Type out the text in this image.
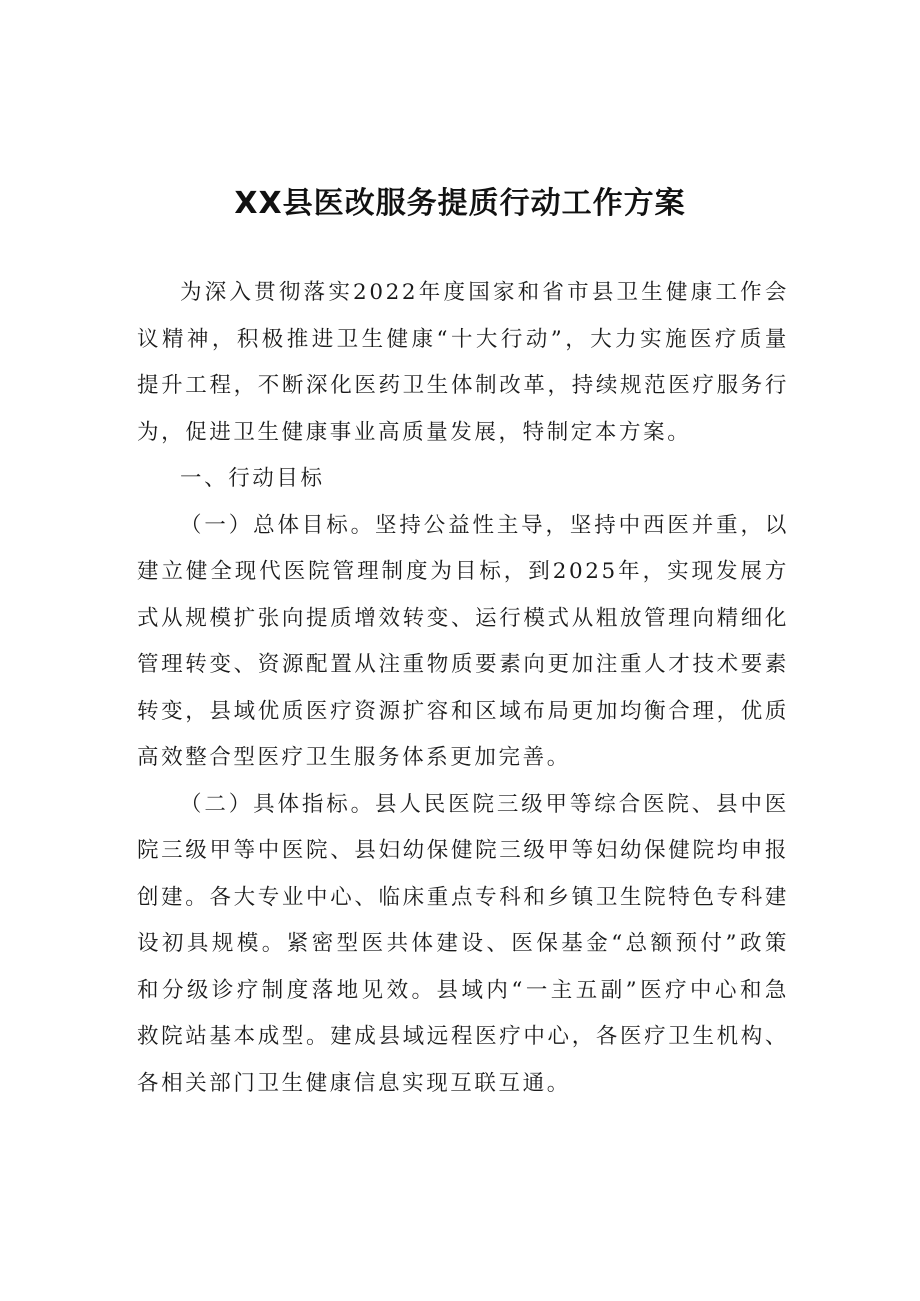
XX县医改服务提质行动工作方案

为深入贯彻落实2022年度国家和省市县卫生健康工作会议精神，积极推进卫生健康“十大行动”，大力实施医疗质量提升工程，不断深化医药卫生体制改革，持续规范医疗服务行为，促进卫生健康事业高质量发展，特制定本方案。

一、行动目标

（一）总体目标。坚持公益性主导，坚持中西医并重，以建立健全现代医院管理制度为目标，到2025年，实现发展方式从规模扩张向提质增效转变、运行模式从粗放管理向精细化管理转变、资源配置从注重物质要素向更加注重人才技术要素转变，县域优质医疗资源扩容和区域布局更加均衡合理，优质高效整合型医疗卫生服务体系更加完善。

（二）具体指标。县人民医院三级甲等综合医院、县中医院三级甲等中医院、县妇幼保健院三级甲等妇幼保健院均申报创建。各大专业中心、临床重点专科和乡镇卫生院特色专科建设初具规模。紧密型医共体建设、医保基金“总额预付”政策和分级诊疗制度落地见效。县域内“一主五副”医疗中心和急救院站基本成型。建成县域远程医疗中心，各医疗卫生机构、各相关部门卫生健康信息实现互联互通。
